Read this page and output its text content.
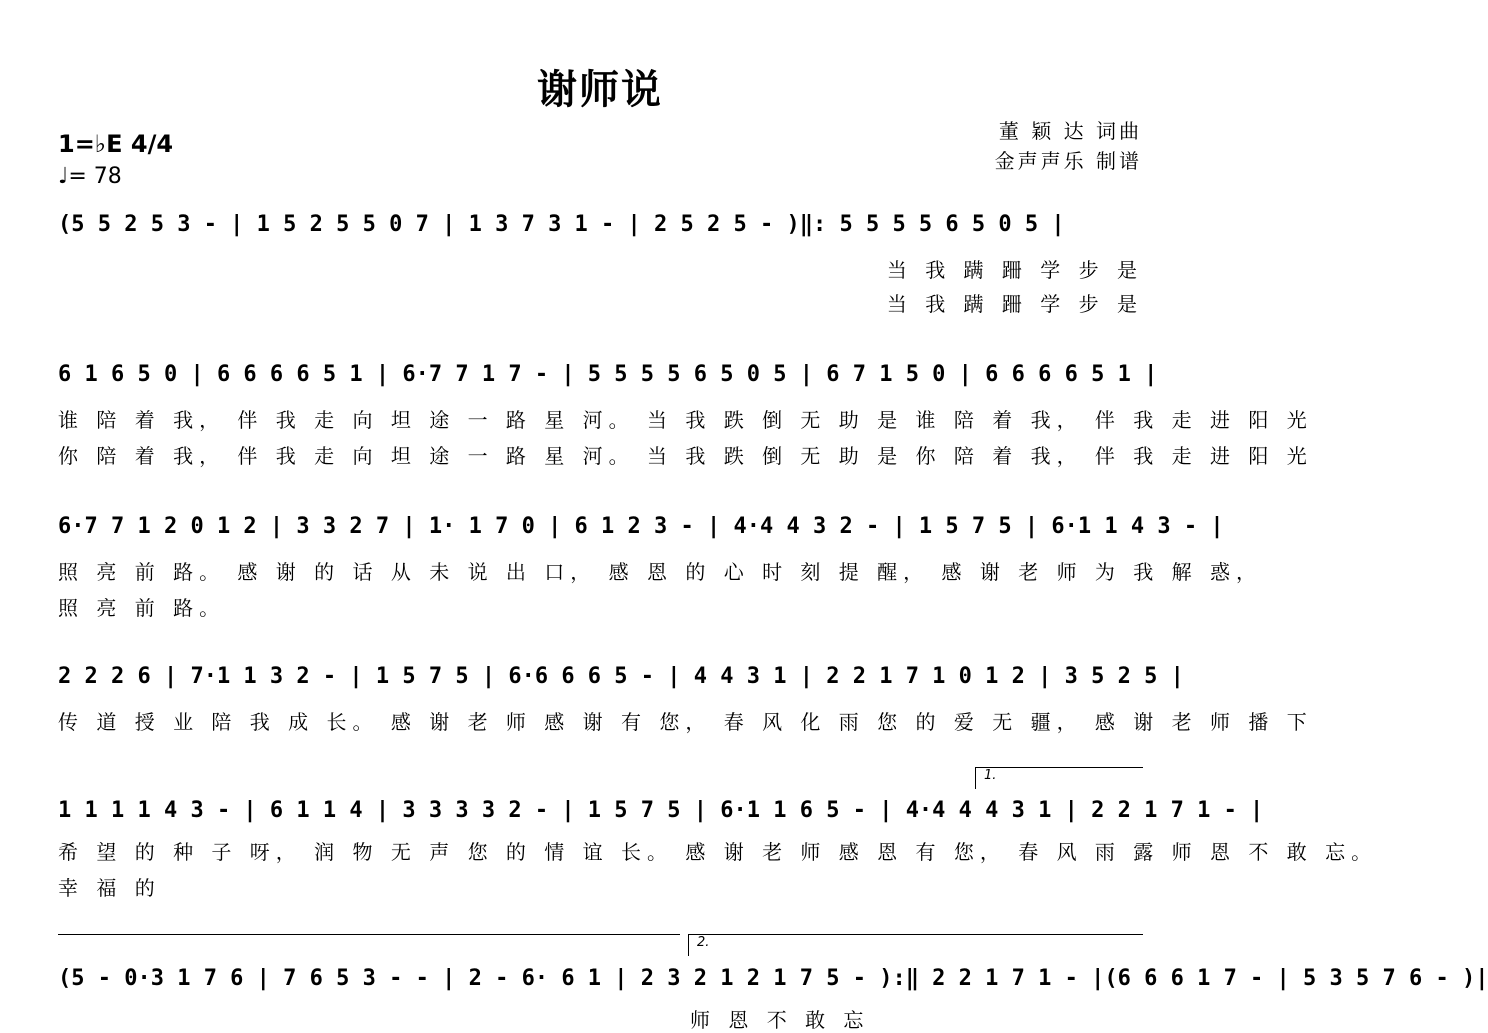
谢师说
1=♭E 4/4
♩= 78
董 颖 达 词曲
金声声乐 制谱
(5 5 2 5 3 - | 1 5 2 5 5 0 7 | 1 3 7 3 1 - | 2 5 2 5 - )‖: 5 5 5 5 6 5 0 5 |
当 我 蹒 跚 学 步 是
当 我 蹒 跚 学 步 是
6 1 6 5 0 | 6 6 6 6 5 1 | 6·7 7 1 7 - | 5 5 5 5 6 5 0 5 | 6 7 1 5 0 | 6 6 6 6 5 1 |
谁 陪 着 我， 伴 我 走 向 坦 途 一 路 星 河。 当 我 跌 倒 无 助 是 谁 陪 着 我， 伴 我 走 进 阳 光
你 陪 着 我， 伴 我 走 向 坦 途 一 路 星 河。 当 我 跌 倒 无 助 是 你 陪 着 我， 伴 我 走 进 阳 光
6·7 7 1 2 0 1 2 | 3 3 2 7 | 1· 1 7 0 | 6 1 2 3 - | 4·4 4 3 2 - | 1 5 7 5 | 6·1 1 4 3 - |
照 亮 前 路。 感 谢 的 话 从 未 说 出 口， 感 恩 的 心 时 刻 提 醒， 感 谢 老 师 为 我 解 惑，
照 亮 前 路。
2 2 2 6 | 7·1 1 3 2 - | 1 5 7 5 | 6·6 6 6 5 - | 4 4 3 1 | 2 2 1 7 1 0 1 2 | 3 5 2 5 |
传 道 授 业 陪 我 成 长。 感 谢 老 师 感 谢 有 您， 春 风 化 雨 您 的 爱 无 疆， 感 谢 老 师 播 下
1.
1 1 1 1 4 3 - | 6 1 1 4 | 3 3 3 3 2 - | 1 5 7 5 | 6·1 1 6 5 - | 4·4 4 4 3 1 | 2 2 1 7 1 - |
希 望 的 种 子 呀， 润 物 无 声 您 的 情 谊 长。 感 谢 老 师 感 恩 有 您， 春 风 雨 露 师 恩 不 敢 忘。
幸 福 的
2.
(5 - 0·3 1 7 6 | 7 6 5 3 - - | 2 - 6· 6 1 | 2 3 2 1 2 1 7 5 - ):‖ 2 2 1 7 1 - |(6 6 6 1 7 - | 5 3 5 7 6 - )|
师 恩 不 敢 忘
